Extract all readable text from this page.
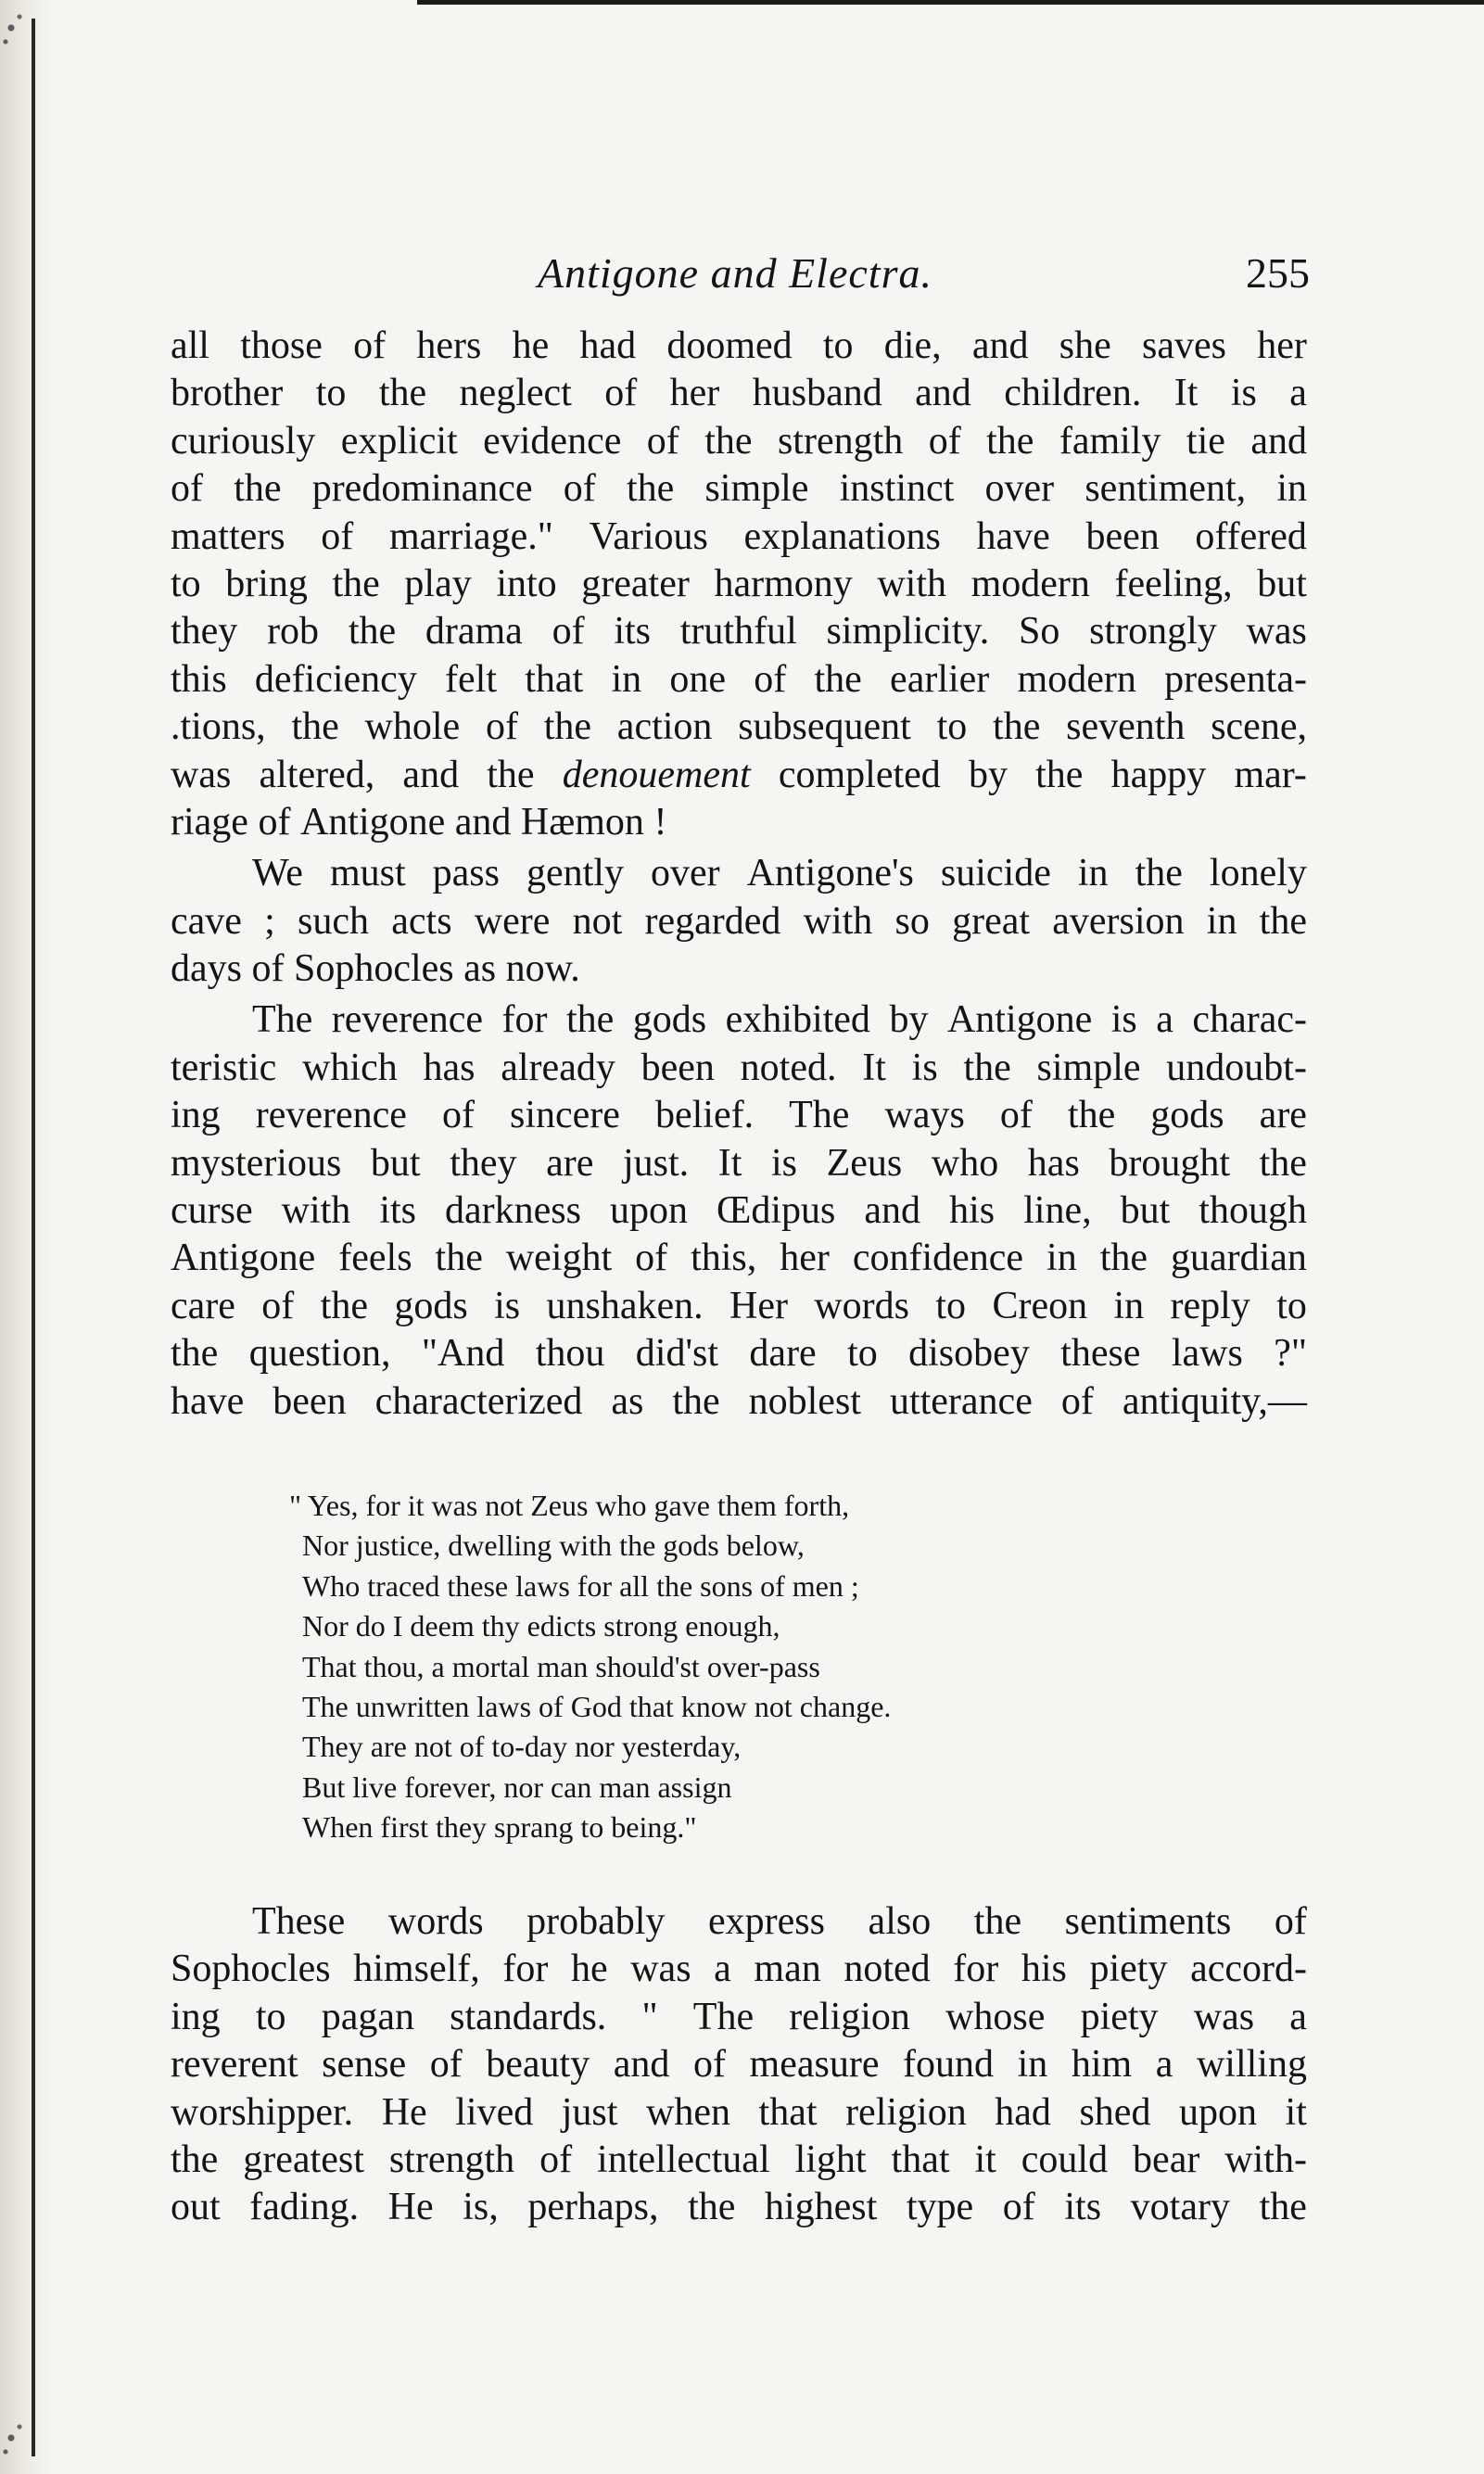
Antigone and Electra.	255
all those of hers he had doomed to die, and she saves her
brother to the neglect of her husband and children. It is a
curiously explicit evidence of the strength of the family tie and
of the predominance of the simple instinct over sentiment, in
matters of marriage." Various explanations have been offered
to bring the play into greater harmony with modern feeling, but
they rob the drama of its truthful simplicity. So strongly was
this deficiency felt that in one of the earlier modern presenta-
.tions, the whole of the action subsequent to the seventh scene,
was altered, and the denouement completed by the happy mar-
riage of Antigone and Hæmon !
We must pass gently over Antigone's suicide in the lonely
cave ; such acts were not regarded with so great aversion in the
days of Sophocles as now.
The reverence for the gods exhibited by Antigone is a charac-
teristic which has already been noted. It is the simple undoubt-
ing reverence of sincere belief. The ways of the gods are
mysterious but they are just. It is Zeus who has brought the
curse with its darkness upon Œdipus and his line, but though
Antigone feels the weight of this, her confidence in the guardian
care of the gods is unshaken. Her words to Creon in reply to
the question, "And thou did'st dare to disobey these laws ?"
have been characterized as the noblest utterance of antiquity,—
" Yes, for it was not Zeus who gave them forth,
Nor justice, dwelling with the gods below,
Who traced these laws for all the sons of men ;
Nor do I deem thy edicts strong enough,
That thou, a mortal man should'st over-pass
The unwritten laws of God that know not change.
They are not of to-day nor yesterday,
But live forever, nor can man assign
When first they sprang to being."
These words probably express also the sentiments of
Sophocles himself, for he was a man noted for his piety accord-
ing to pagan standards. " The religion whose piety was a
reverent sense of beauty and of measure found in him a willing
worshipper. He lived just when that religion had shed upon it
the greatest strength of intellectual light that it could bear with-
out fading. He is, perhaps, the highest type of its votary the
